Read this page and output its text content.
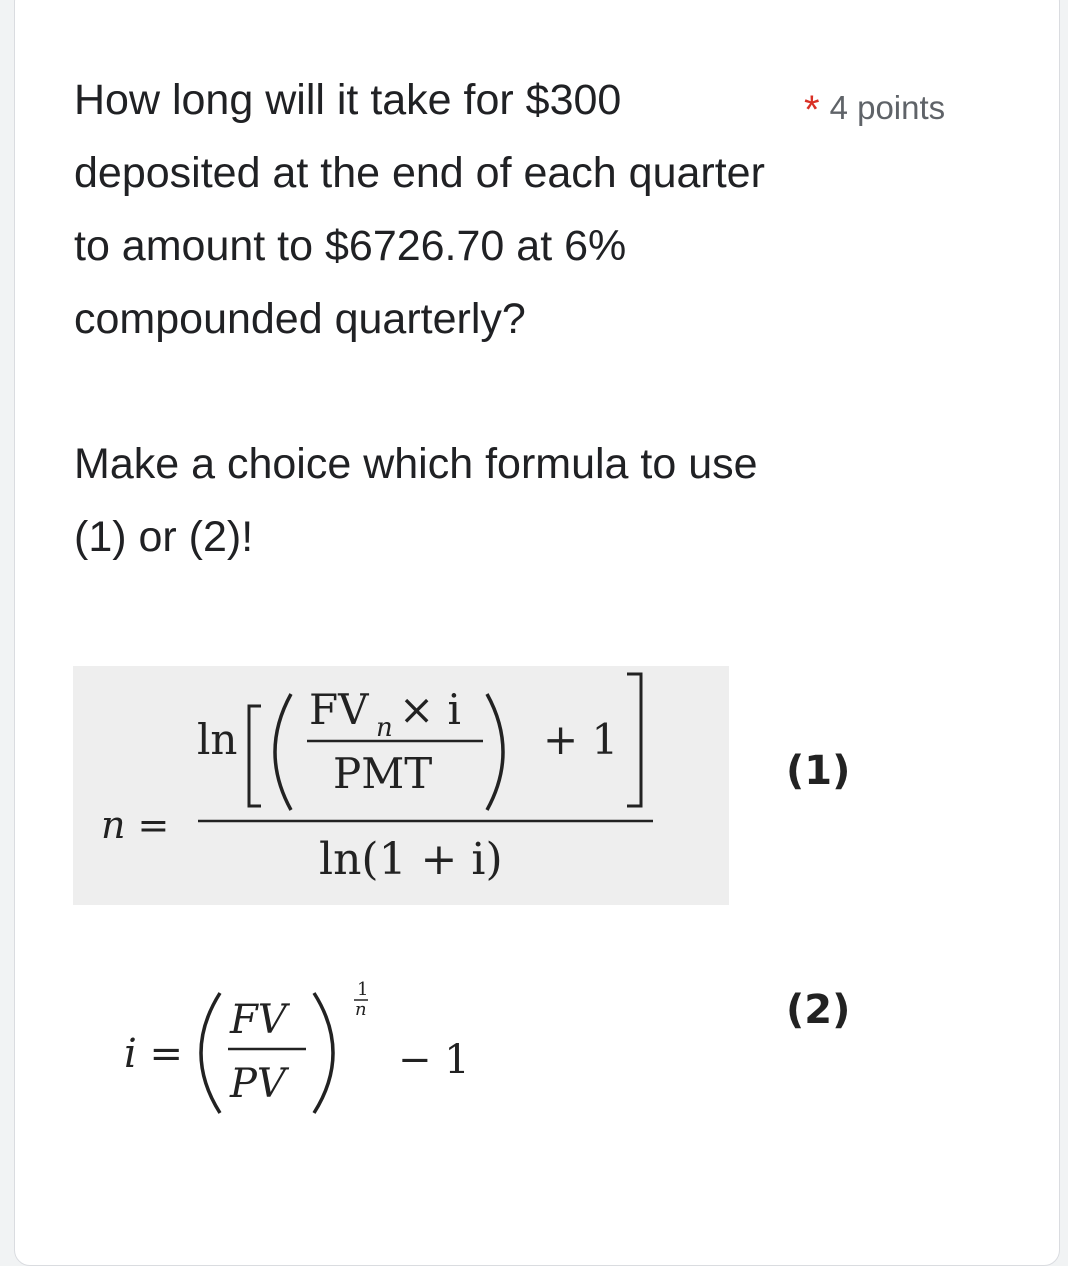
How long will it take for $300 deposited at the end of each quarter to amount to $6726.70 at 6% compounded quarterly?

* 4 points

Make a choice which formula to use (1) or (2)!

n =
ln
FV n × i
PMT
+ 1
ln(1 + i)
(1)
i =
FV
PV
1
n
− 1
(2)
